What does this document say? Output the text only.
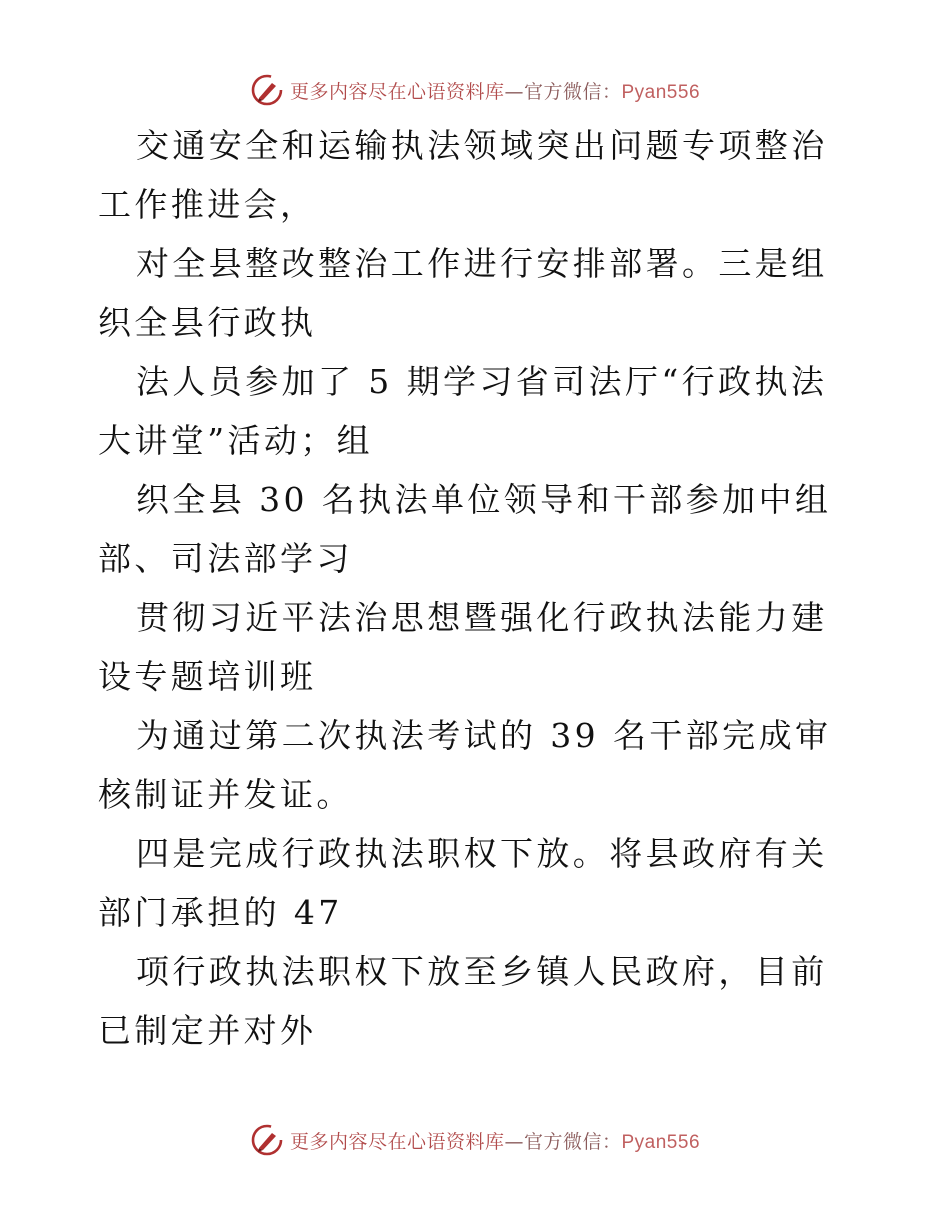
更多内容尽在心语资料库—官方微信：Pyan556

交通安全和运输执法领域突出问题专项整治工作推进会，

对全县整改整治工作进行安排部署。三是组织全县行政执

法人员参加了 5 期学习省司法厅“行政执法大讲堂”活动；组

织全县 30 名执法单位领导和干部参加中组部、司法部学习

贯彻习近平法治思想暨强化行政执法能力建设专题培训班

为通过第二次执法考试的 39 名干部完成审核制证并发证。

四是完成行政执法职权下放。将县政府有关部门承担的 47

项行政执法职权下放至乡镇人民政府，目前已制定并对外

更多内容尽在心语资料库—官方微信：Pyan556
